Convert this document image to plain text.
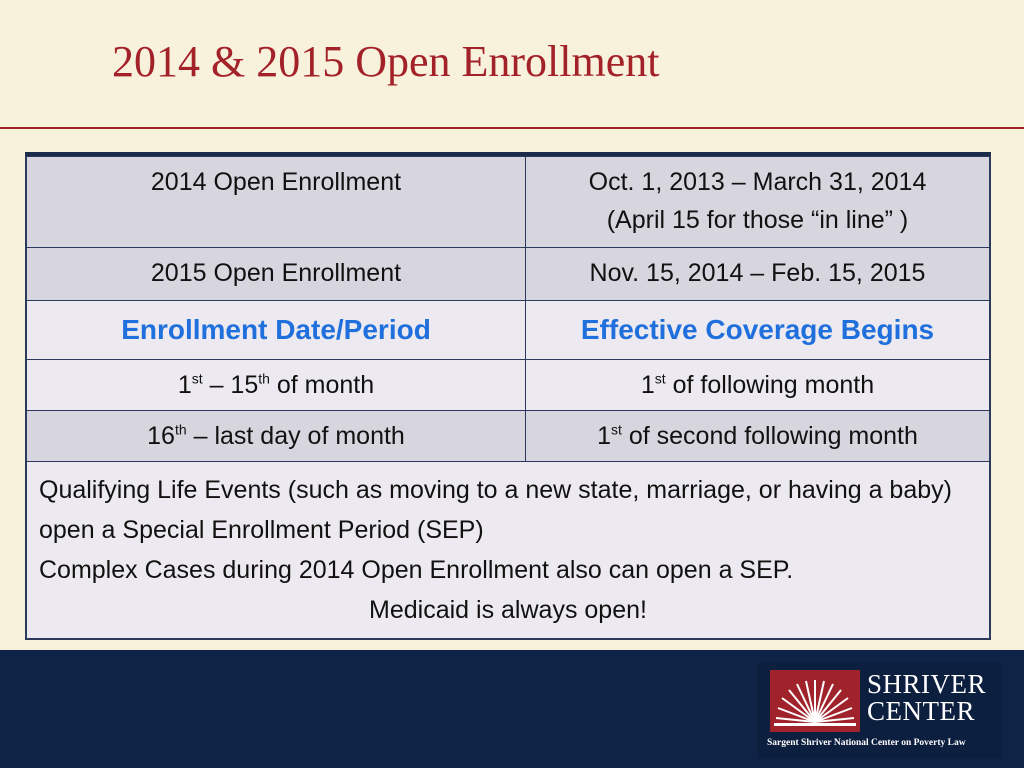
2014 & 2015 Open Enrollment
2014 Open Enrollment	Oct. 1, 2013 – March 31, 2014
(April 15 for those “in line” )
2015 Open Enrollment	Nov. 15, 2014 – Feb. 15, 2015
Enrollment Date/Period	Effective Coverage Begins
1st – 15th of month	1st of following month
16th – last day of month	1st of second following month
Qualifying Life Events (such as moving to a new state, marriage, or having a baby) open a Special Enrollment Period (SEP)
Complex Cases during 2014 Open Enrollment also can open a SEP.

Medicaid is always open!	
SHRIVER
CENTER
Sargent Shriver National Center on Poverty Law
